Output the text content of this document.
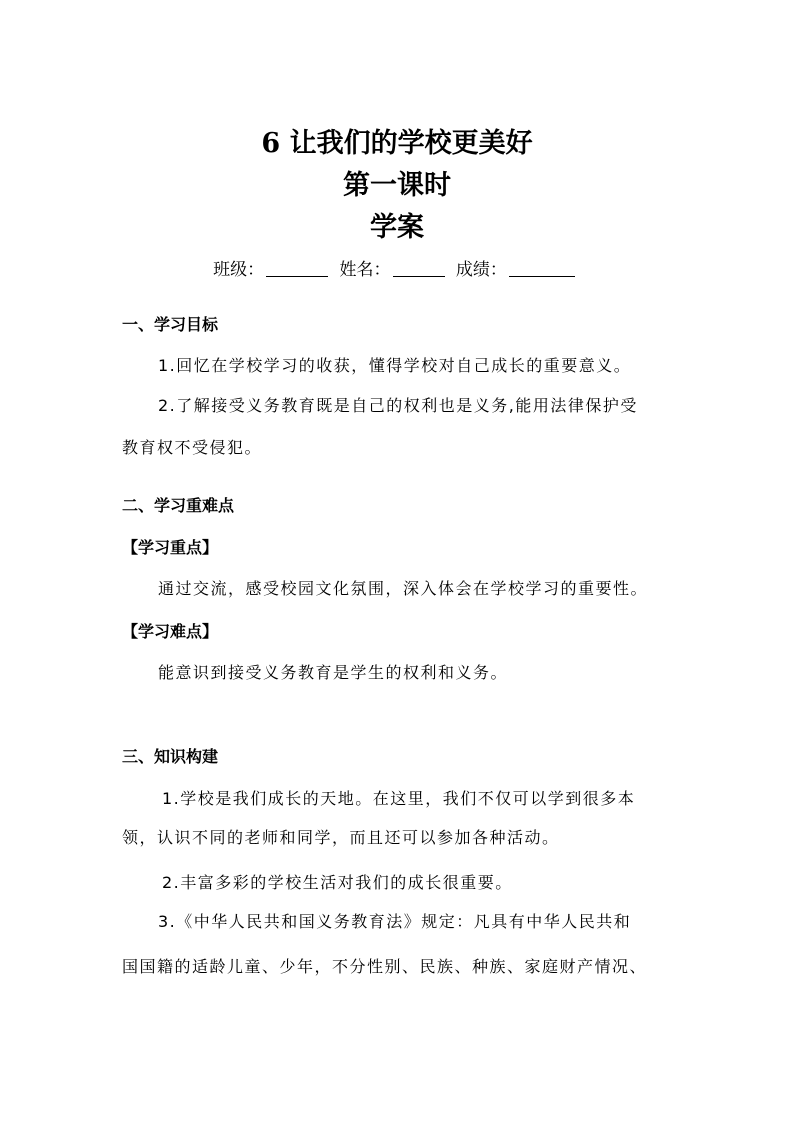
6 让我们的学校更美好
第一课时
学案
班级：	姓名：	成绩：
一、学习目标
1.回忆在学校学习的收获，懂得学校对自己成长的重要意义。
2.了解接受义务教育既是自己的权利也是义务,能用法律保护受
教育权不受侵犯。
二、学习重难点
【学习重点】
通过交流，感受校园文化氛围，深入体会在学校学习的重要性。
【学习难点】
能意识到接受义务教育是学生的权利和义务。
三、知识构建
1.学校是我们成长的天地。在这里，我们不仅可以学到很多本
领，认识不同的老师和同学，而且还可以参加各种活动。
2.丰富多彩的学校生活对我们的成长很重要。
3.《中华人民共和国义务教育法》规定：凡具有中华人民共和
国国籍的适龄儿童、少年，不分性别、民族、种族、家庭财产情况、
